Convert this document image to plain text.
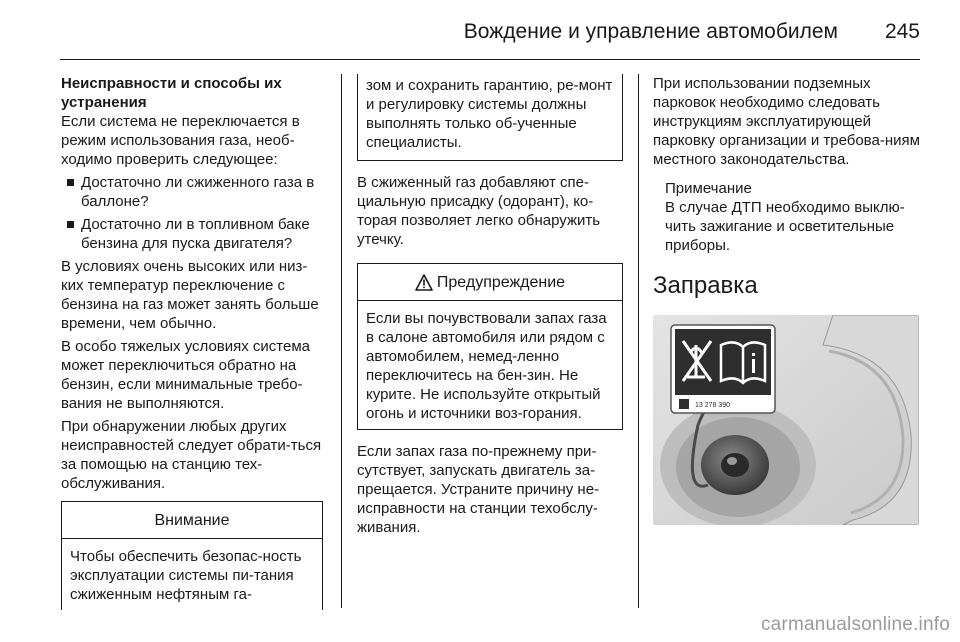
Вождение и управление автомобилем 245
Неисправности и способы их устранения

Если система не переключается в режим использования газа, необ-ходимо проверить следующее:

Достаточно ли сжиженного газа в баллоне?
Достаточно ли в топливном баке бензина для пуска двигателя?

В условиях очень высоких или низ-ких температур переключение с бензина на газ может занять больше времени, чем обычно.

В особо тяжелых условиях система может переключиться обратно на бензин, если минимальные требо-вания не выполняются.

При обнаружении любых других неисправностей следует обрати-ться за помощью на станцию тех-обслуживания.

Внимание
Чтобы обеспечить безопас-ность эксплуатации системы пи-тания сжиженным нефтяным га-
зом и сохранить гарантию, ре-монт и регулировку системы должны выполнять только об-ученные специалисты.

В сжиженный газ добавляют спе-циальную присадку (одорант), ко-торая позволяет легко обнаружить утечку.

Предупреждение
Если вы почувствовали запах газа в салоне автомобиля или рядом с автомобилем, немед-ленно переключитесь на бен-зин. Не курите. Не используйте открытый огонь и источники воз-горания.

Если запах газа по-прежнему при-сутствует, запускать двигатель за-прещается. Устраните причину не-исправности на станции техобслу-живания.

При использовании подземных парковок необходимо следовать инструкциям эксплуатирующей парковку организации и требова-ниям местного законодательства.

Примечание
В случае ДТП необходимо выклю-чить зажигание и осветительные приборы.
Заправка
13 278 390
carmanualsonline.info
